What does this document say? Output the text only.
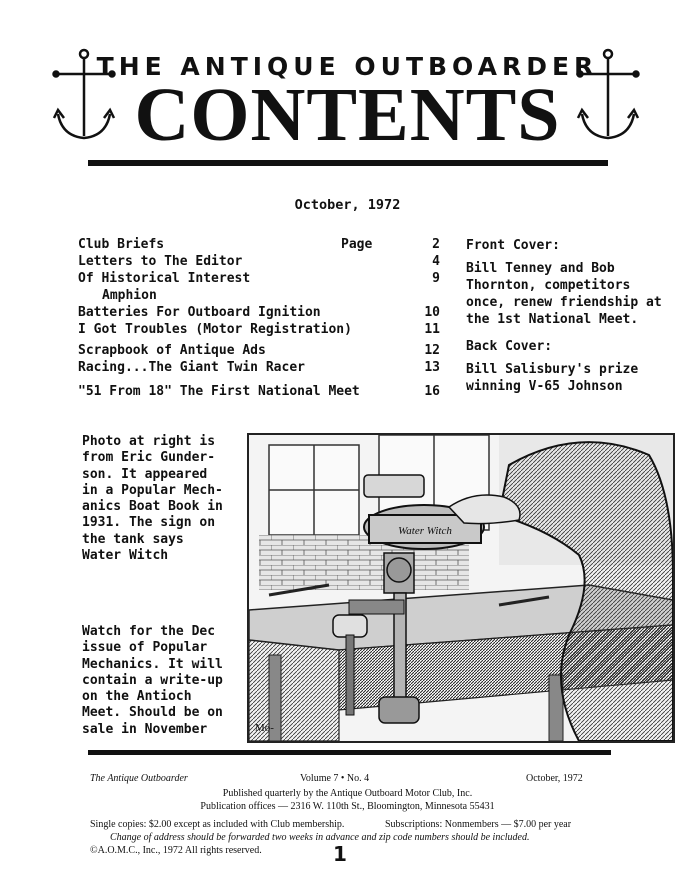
THE ANTIQUE OUTBOARDER
CONTENTS
October, 1972
Club Briefs	Page	2
Letters to The Editor	4
Of Historical Interest	9
Amphion
Batteries For Outboard Ignition	10
I Got Troubles (Motor Registration)	11
Scrapbook of Antique Ads	12
Racing...The Giant Twin Racer	13
"51 From 18" The First National Meet	16
Front Cover:
Bill Tenney and Bob Thornton, competitors once, renew friendship at the 1st National Meet.
Back Cover:
Bill Salisbury's prize winning V-65 Johnson
Photo at right is
from Eric Gunder-
son. It appeared
in a Popular Mech-
anics Boat Book in
1931. The sign on
the tank says
Water Witch
Watch for the Dec
issue of Popular
Mechanics. It will
contain a write-up
on the Antioch
Meet. Should be on
sale in November
Water Witch
Mo-
The Antique Outboarder	Volume 7 • No. 4	October, 1972
Published quarterly by the Antique Outboard Motor Club, Inc.
Publication offices — 2316 W. 110th St., Bloomington, Minnesota 55431
Single copies: $2.00 except as included with Club membership.	Subscriptions: Nonmembers — $7.00 per year
Change of address should be forwarded two weeks in advance and zip code numbers should be included.
©A.O.M.C., Inc., 1972 All rights reserved.	1
